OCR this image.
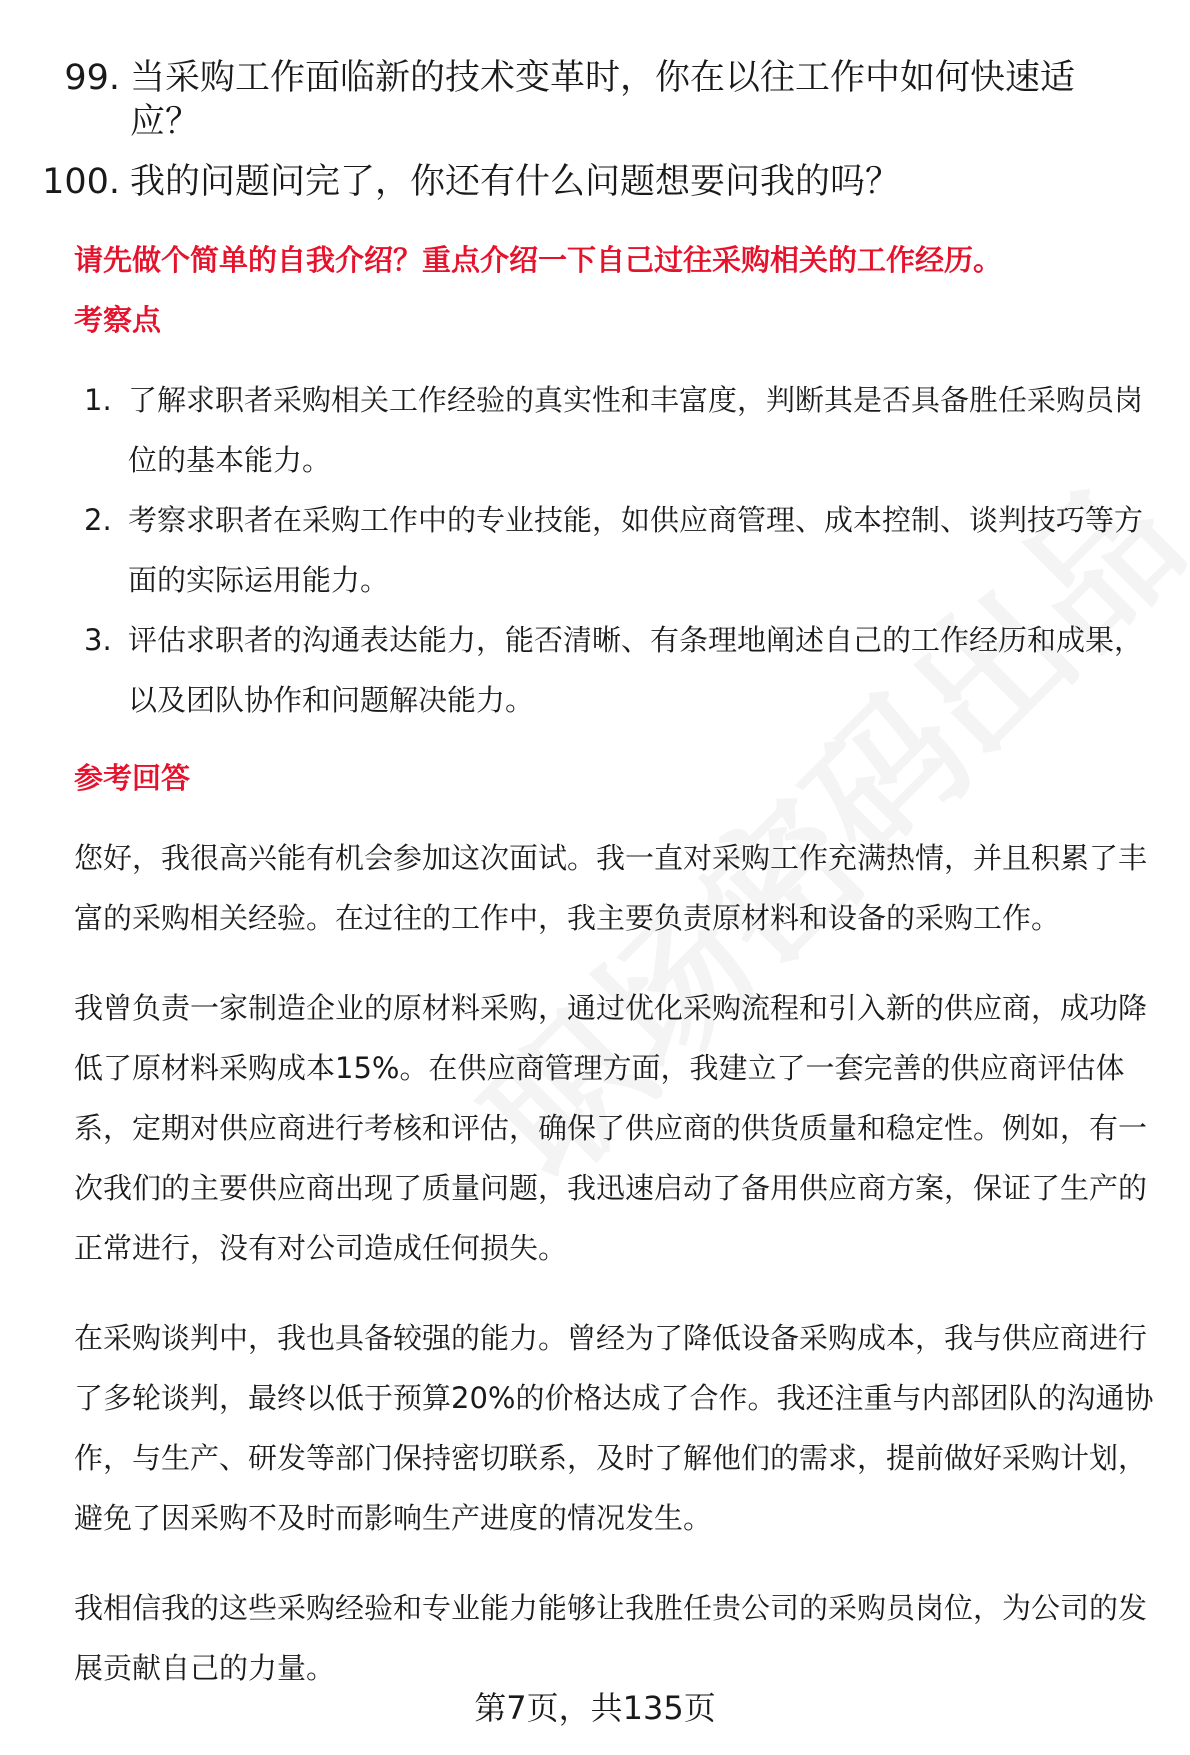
99. 当采购工作面临新的技术变革时，你在以往工作中如何快速适应？
100. 我的问题问完了，你还有什么问题想要问我的吗？
请先做个简单的自我介绍？重点介绍一下自己过往采购相关的工作经历。
考察点
1. 了解求职者采购相关工作经验的真实性和丰富度，判断其是否具备胜任采购员岗位的基本能力。
2. 考察求职者在采购工作中的专业技能，如供应商管理、成本控制、谈判技巧等方面的实际运用能力。
3. 评估求职者的沟通表达能力，能否清晰、有条理地阐述自己的工作经历和成果，以及团队协作和问题解决能力。
参考回答
您好，我很高兴能有机会参加这次面试。我一直对采购工作充满热情，并且积累了丰富的采购相关经验。在过往的工作中，我主要负责原材料和设备的采购工作。
我曾负责一家制造企业的原材料采购，通过优化采购流程和引入新的供应商，成功降低了原材料采购成本15%。在供应商管理方面，我建立了一套完善的供应商评估体系，定期对供应商进行考核和评估，确保了供应商的供货质量和稳定性。例如，有一次我们的主要供应商出现了质量问题，我迅速启动了备用供应商方案，保证了生产的正常进行，没有对公司造成任何损失。
在采购谈判中，我也具备较强的能力。曾经为了降低设备采购成本，我与供应商进行了多轮谈判，最终以低于预算20%的价格达成了合作。我还注重与内部团队的沟通协作，与生产、研发等部门保持密切联系，及时了解他们的需求，提前做好采购计划，避免了因采购不及时而影响生产进度的情况发生。
我相信我的这些采购经验和专业能力能够让我胜任贵公司的采购员岗位，为公司的发展贡献自己的力量。
第7页，共135页
